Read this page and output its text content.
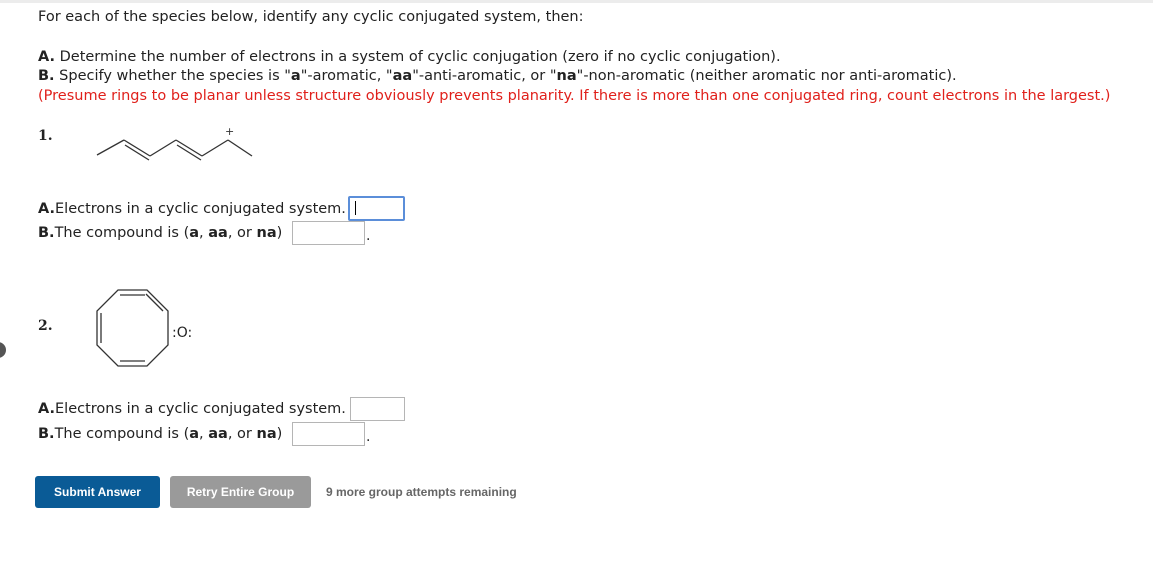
For each of the species below, identify any cyclic conjugated system, then:
A. Determine the number of electrons in a system of cyclic conjugation (zero if no cyclic conjugation).
B. Specify whether the species is "a"-aromatic, "aa"-anti-aromatic, or "na"-non-aromatic (neither aromatic nor anti-aromatic).
(Presume rings to be planar unless structure obviously prevents planarity. If there is more than one conjugated ring, count electrons in the largest.)
1.	+
A.Electrons in a cyclic conjugated system.
B.The compound is (a, aa, or na)	.
2.	:O:
A.Electrons in a cyclic conjugated system.
B.The compound is (a, aa, or na)	.
Submit Answer	Retry Entire Group	9 more group attempts remaining
